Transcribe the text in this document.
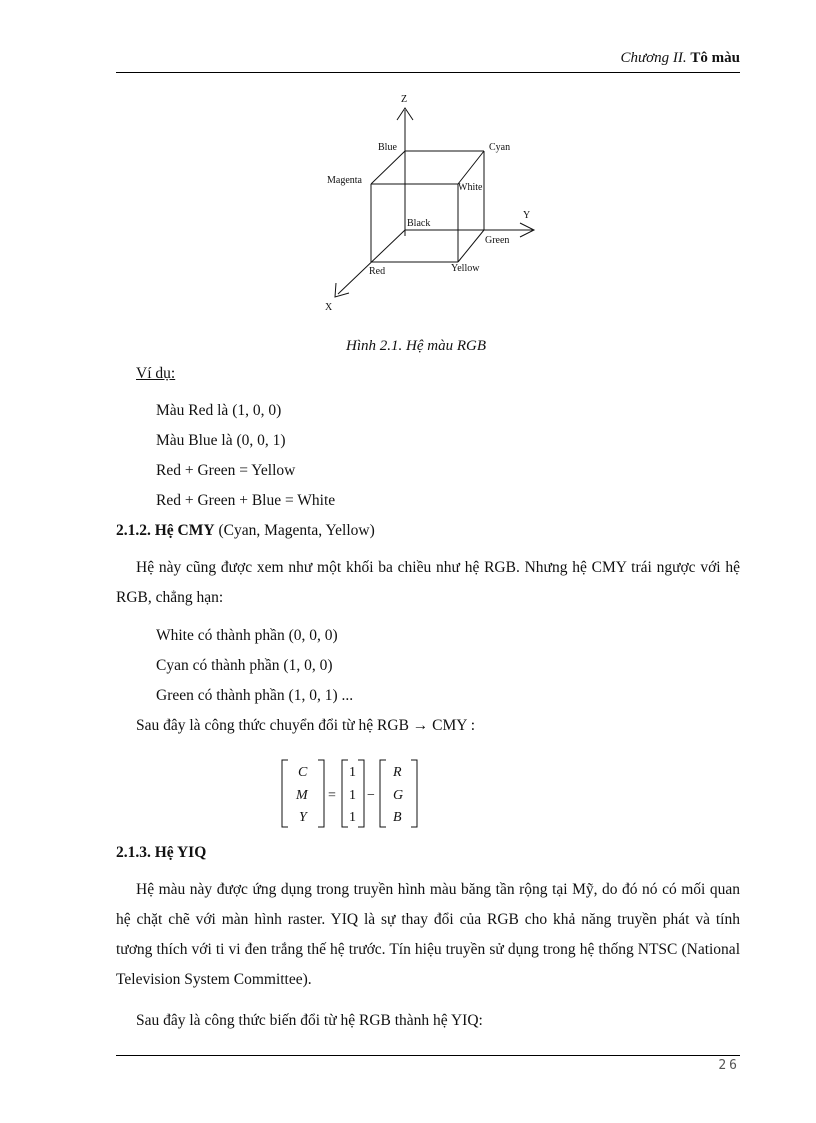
Chương II. Tô màu
Z
Y
X
Blue	Cyan
Magenta
White
Black
Green
Red	Yellow
Hình 2.1. Hệ màu RGB
Ví dụ:
Màu Red là (1, 0, 0)
Màu Blue là (0, 0, 1)
Red + Green = Yellow
Red + Green + Blue = White
2.1.2. Hệ CMY (Cyan, Magenta, Yellow)
Hệ này cũng được xem như một khối ba chiều như hệ RGB. Nhưng hệ CMY trái ngược với hệ RGB, chẳng hạn:
White có thành phần (0, 0, 0)
Cyan có thành phần (1, 0, 0)
Green có thành phần (1, 0, 1) ...
Sau đây là công thức chuyển đổi từ hệ RGB → CMY :
C
M
Y
=
1
1
1
−
R
G
B
2.1.3. Hệ YIQ
Hệ màu này được ứng dụng trong truyền hình màu băng tần rộng tại Mỹ, do đó nó có mối quan hệ chặt chẽ với màn hình raster. YIQ là sự thay đổi của RGB cho khả năng truyền phát và tính tương thích với ti vi đen trắng thế hệ trước. Tín hiệu truyền sử dụng trong hệ thống NTSC (National Television System Committee).
Sau đây là công thức biến đổi từ hệ RGB thành hệ YIQ:
26
